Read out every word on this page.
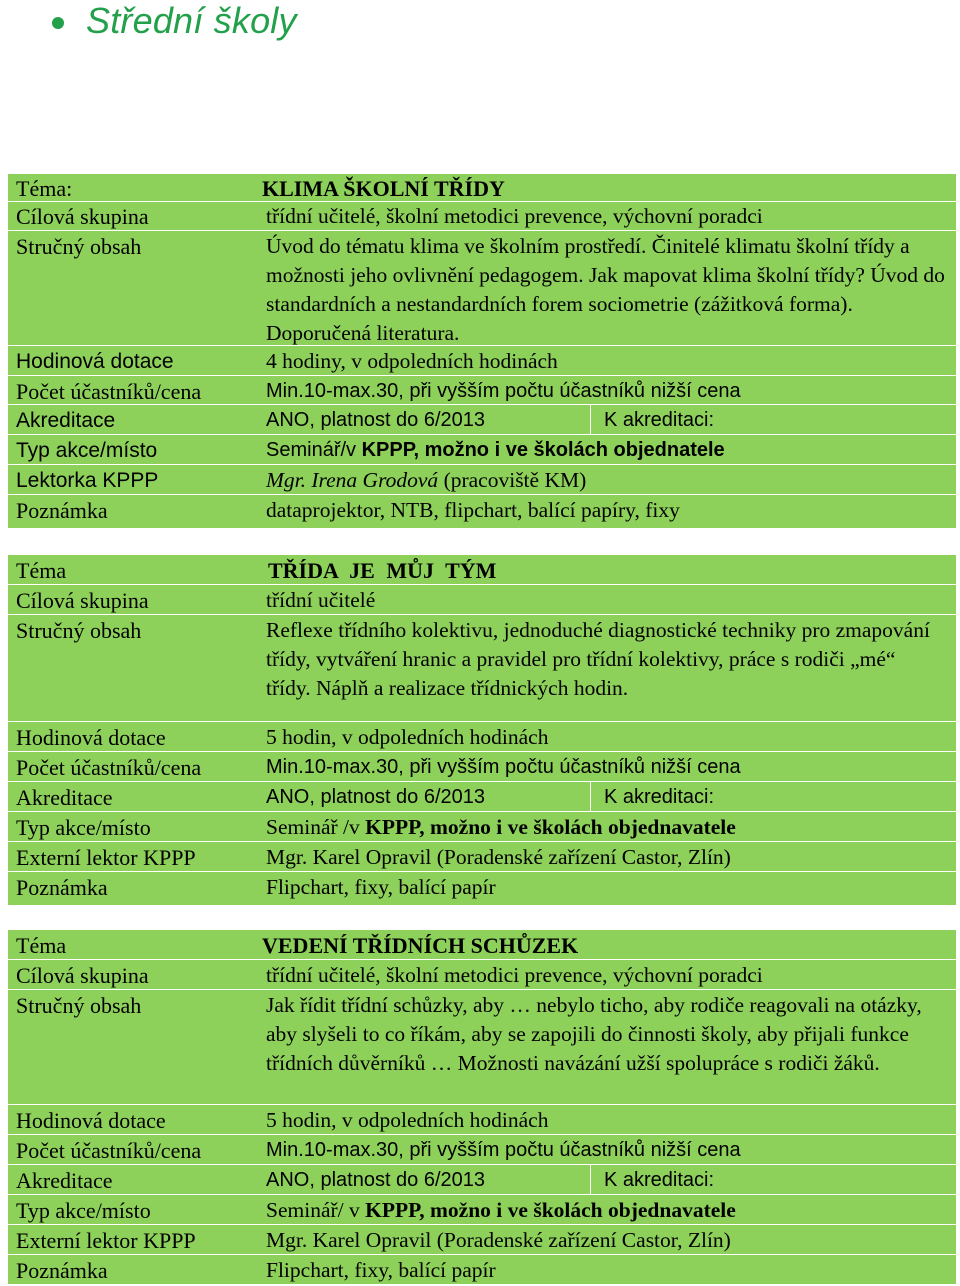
Střední školy
Téma:	KLIMA ŠKOLNÍ TŘÍDY
Cílová skupina	třídní učitelé, školní metodici prevence, výchovní poradci
Stručný obsah	Úvod do tématu klima ve školním prostředí. Činitelé klimatu školní třídy a možnosti jeho ovlivnění pedagogem. Jak mapovat klima školní třídy? Úvod do standardních a nestandardních forem sociometrie (zážitková forma). Doporučená literatura.
Hodinová dotace	4 hodiny, v odpoledních hodinách
Počet účastníků/cena	Min.10-max.30, při vyšším počtu účastníků nižší cena
Akreditace	ANO, platnost do 6/2013	K akreditaci:
Typ akce/místo	Seminář/v KPPP, možno i ve školách objednatele
Lektorka KPPP	Mgr. Irena Grodová (pracoviště KM)
Poznámka	dataprojektor, NTB, flipchart, balící papíry, fixy
Téma	TŘÍDA JE MŮJ TÝM
Cílová skupina	třídní učitelé
Stručný obsah	Reflexe třídního kolektivu, jednoduché diagnostické techniky pro zmapování třídy, vytváření hranic a pravidel pro třídní kolektivy, práce s rodiči „mé“ třídy. Náplň a realizace třídnických hodin.
Hodinová dotace	5 hodin, v odpoledních hodinách
Počet účastníků/cena	Min.10-max.30, při vyšším počtu účastníků nižší cena
Akreditace	ANO, platnost do 6/2013	K akreditaci:
Typ akce/místo	Seminář /v KPPP, možno i ve školách objednavatele
Externí lektor KPPP	Mgr. Karel Opravil (Poradenské zařízení Castor, Zlín)
Poznámka	Flipchart, fixy, balící papír
Téma	VEDENÍ TŘÍDNÍCH SCHŮZEK
Cílová skupina	třídní učitelé, školní metodici prevence, výchovní poradci
Stručný obsah	Jak řídit třídní schůzky, aby … nebylo ticho, aby rodiče reagovali na otázky, aby slyšeli to co říkám, aby se zapojili do činnosti školy, aby přijali funkce třídních důvěrníků … Možnosti navázání užší spolupráce s rodiči žáků.
Hodinová dotace	5 hodin, v odpoledních hodinách
Počet účastníků/cena	Min.10-max.30, při vyšším počtu účastníků nižší cena
Akreditace	ANO, platnost do 6/2013	K akreditaci:
Typ akce/místo	Seminář/ v KPPP, možno i ve školách objednavatele
Externí lektor KPPP	Mgr. Karel Opravil (Poradenské zařízení Castor, Zlín)
Poznámka	Flipchart, fixy, balící papír
